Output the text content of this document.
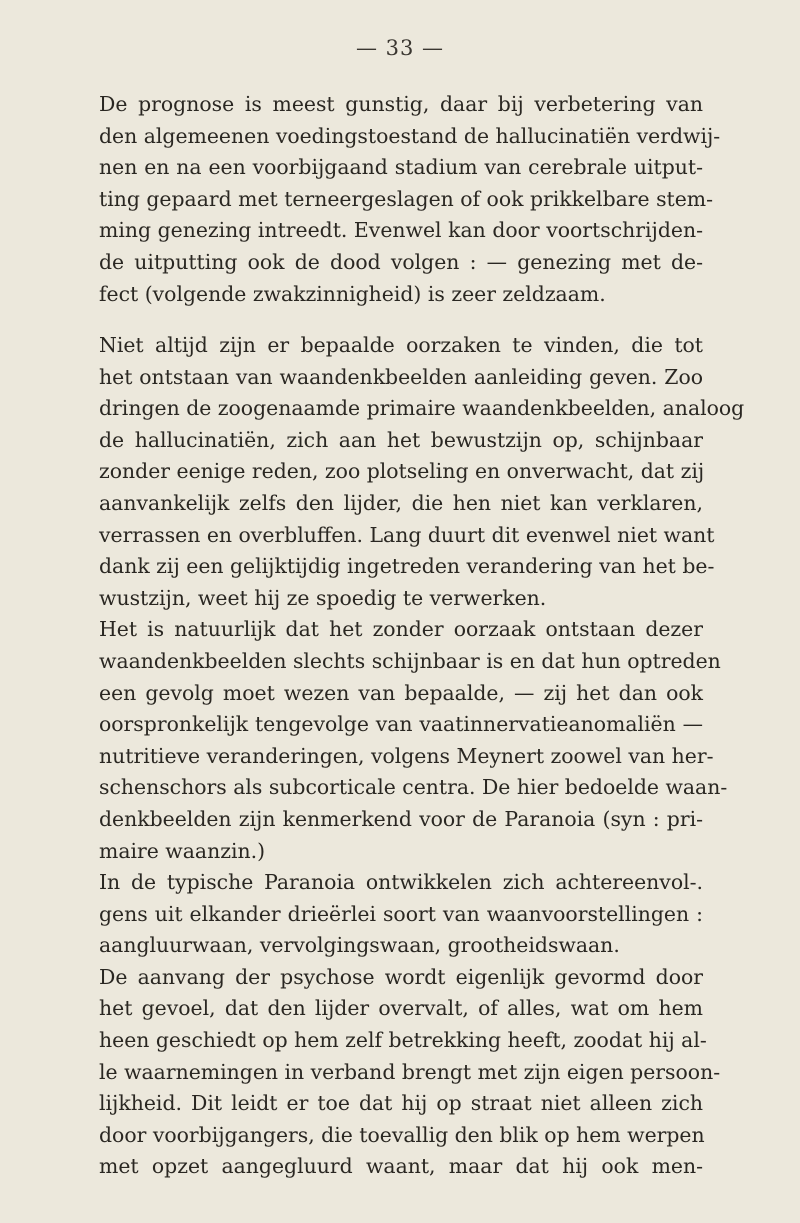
— 33 —
De prognose is meest gunstig, daar bij verbetering van
den algemeenen voedingstoestand de hallucinatiën verdwij-
nen en na een voorbijgaand stadium van cerebrale uitput-
ting gepaard met terneergeslagen of ook prikkelbare stem-
ming genezing intreedt. Evenwel kan door voortschrijden-
de uitputting ook de dood volgen : — genezing met de-
fect (volgende zwakzinnigheid) is zeer zeldzaam.
Niet altijd zijn er bepaalde oorzaken te vinden, die tot
het ontstaan van waandenkbeelden aanleiding geven. Zoo
dringen de zoogenaamde primaire waandenkbeelden, analoog
de hallucinatiën, zich aan het bewustzijn op, schijnbaar
zonder eenige reden, zoo plotseling en onverwacht, dat zij
aanvankelijk zelfs den lijder, die hen niet kan verklaren,
verrassen en overbluffen. Lang duurt dit evenwel niet want
dank zij een gelijktijdig ingetreden verandering van het be-
wustzijn, weet hij ze spoedig te verwerken.
Het is natuurlijk dat het zonder oorzaak ontstaan dezer
waandenkbeelden slechts schijnbaar is en dat hun optreden
een gevolg moet wezen van bepaalde, — zij het dan ook
oorspronkelijk tengevolge van vaatinnervatieanomaliën —
nutritieve veranderingen, volgens Meynert zoowel van her-
schenschors als subcorticale centra. De hier bedoelde waan-
denkbeelden zijn kenmerkend voor de Paranoia (syn : pri-
maire waanzin.)
In de typische Paranoia ontwikkelen zich achtereenvol-.
gens uit elkander drieërlei soort van waanvoorstellingen :
aangluurwaan, vervolgingswaan, grootheidswaan.
De aanvang der psychose wordt eigenlijk gevormd door
het gevoel, dat den lijder overvalt, of alles, wat om hem
heen geschiedt op hem zelf betrekking heeft, zoodat hij al-
le waarnemingen in verband brengt met zijn eigen persoon-
lijkheid. Dit leidt er toe dat hij op straat niet alleen zich
door voorbijgangers, die toevallig den blik op hem werpen
met opzet aangegluurd waant, maar dat hij ook men-
